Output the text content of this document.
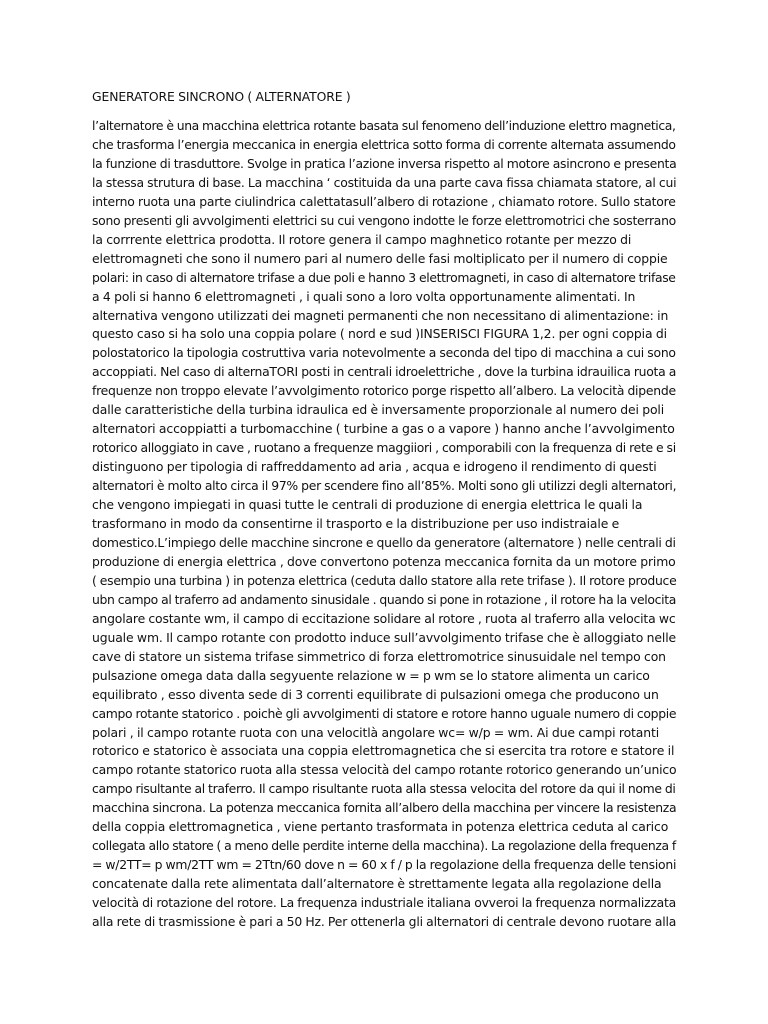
GENERATORE SINCRONO ( ALTERNATORE )

l’alternatore è una macchina elettrica rotante basata sul fenomeno dell’induzione elettro magnetica,
che trasforma l’energia meccanica in energia elettrica sotto forma di corrente alternata assumendo
la funzione di trasduttore. Svolge in pratica l’azione inversa rispetto al motore asincrono e presenta
la stessa strutura di base. La macchina ‘ costituida da una parte cava fissa chiamata statore, al cui
interno ruota una parte ciulindrica calettatasull’albero di rotazione , chiamato rotore. Sullo statore
sono presenti gli avvolgimenti elettrici su cui vengono indotte le forze elettromotrici che sosterrano
la corrrente elettrica prodotta. Il rotore genera il campo maghnetico rotante per mezzo di
elettromagneti che sono il numero pari al numero delle fasi moltiplicato per il numero di coppie
polari: in caso di alternatore trifase a due poli e hanno 3 elettromagneti, in caso di alternatore trifase
a 4 poli si hanno 6 elettromagneti , i quali sono a loro volta opportunamente alimentati. In
alternativa vengono utilizzati dei magneti permanenti che non necessitano di alimentazione: in
questo caso si ha solo una coppia polare ( nord e sud )INSERISCI FIGURA 1,2. per ogni coppia di
polostatorico la tipologia costruttiva varia notevolmente a seconda del tipo di macchina a cui sono
accoppiati. Nel caso di alternaTORI posti in centrali idroelettriche , dove la turbina idrauilica ruota a
frequenze non troppo elevate l’avvolgimento rotorico porge rispetto all’albero. La velocità dipende
dalle caratteristiche della turbina idraulica ed è inversamente proporzionale al numero dei poli
alternatori accoppiatti a turbomacchine ( turbine a gas o a vapore ) hanno anche l’avvolgimento
rotorico alloggiato in cave , ruotano a frequenze maggiiori , comporabili con la frequenza di rete e si
distinguono per tipologia di raffreddamento ad aria , acqua e idrogeno il rendimento di questi
alternatori è molto alto circa il 97% per scendere fino all’85%. Molti sono gli utilizzi degli alternatori,
che vengono impiegati in quasi tutte le centrali di produzione di energia elettrica le quali la
trasformano in modo da consentirne il trasporto e la distribuzione per uso indistraiale e
domestico.L’impiego delle macchine sincrone e quello da generatore (alternatore ) nelle centrali di
produzione di energia elettrica , dove convertono potenza meccanica fornita da un motore primo
( esempio una turbina ) in potenza elettrica (ceduta dallo statore alla rete trifase ). Il rotore produce
ubn campo al traferro ad andamento sinusidale . quando si pone in rotazione , il rotore ha la velocita
angolare costante wm, il campo di eccitazione solidare al rotore , ruota al traferro alla velocita wc
uguale wm. Il campo rotante con prodotto induce sull’avvolgimento trifase che è alloggiato nelle
cave di statore un sistema trifase simmetrico di forza elettromotrice sinusuidale nel tempo con
pulsazione omega data dalla segyuente relazione w = p wm se lo statore alimenta un carico
equilibrato , esso diventa sede di 3 correnti equilibrate di pulsazioni omega che producono un
campo rotante statorico . poichè gli avvolgimenti di statore e rotore hanno uguale numero di coppie
polari , il campo rotante ruota con una velocitlà angolare wc= w/p = wm. Ai due campi rotanti
rotorico e statorico è associata una coppia elettromagnetica che si esercita tra rotore e statore il
campo rotante statorico ruota alla stessa velocità del campo rotante rotorico generando un’unico
campo risultante al traferro. Il campo risultante ruota alla stessa velocita del rotore da qui il nome di
macchina sincrona. La potenza meccanica fornita all’albero della macchina per vincere la resistenza
della coppia elettromagnetica , viene pertanto trasformata in potenza elettrica ceduta al carico
collegata allo statore ( a meno delle perdite interne della macchina). La regolazione della frequenza f
= w/2TT= p wm/2TT wm = 2Ttn/60 dove n = 60 x f / p la regolazione della frequenza delle tensioni
concatenate dalla rete alimentata dall’alternatore è strettamente legata alla regolazione della
velocità di rotazione del rotore. La frequenza industriale italiana ovveroi la frequenza normalizzata
alla rete di trasmissione è pari a 50 Hz. Per ottenerla gli alternatori di centrale devono ruotare alla
